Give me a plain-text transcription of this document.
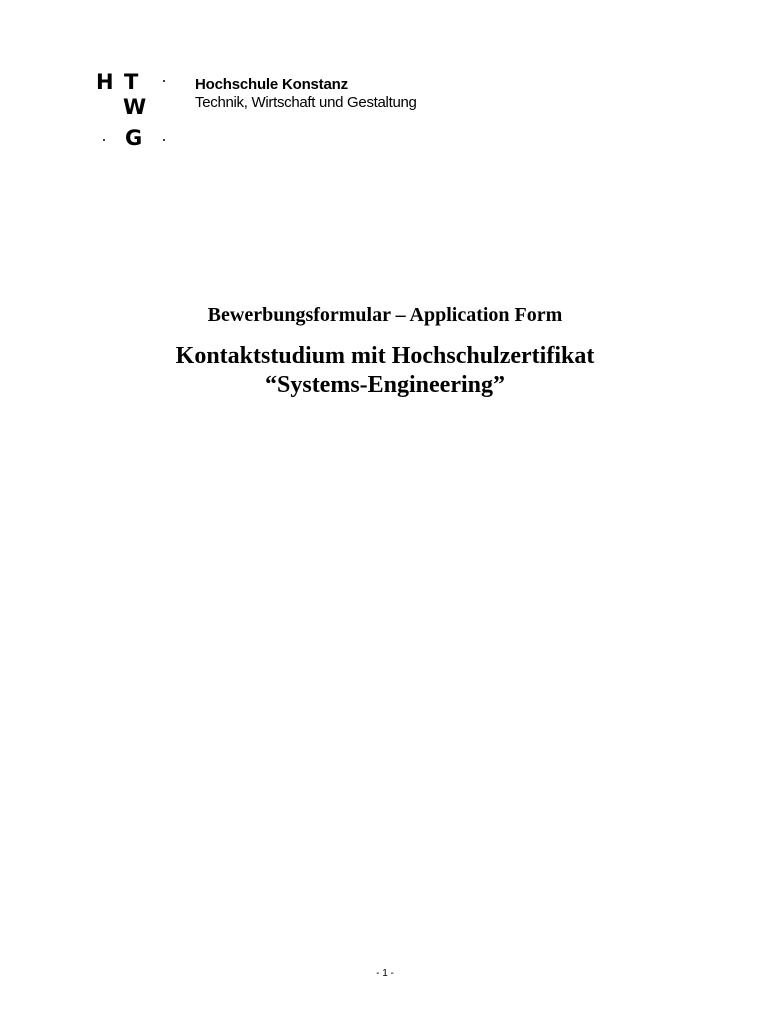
H T
W
G
Hochschule Konstanz
Technik, Wirtschaft und Gestaltung
Bewerbungsformular – Application Form
Kontaktstudium mit Hochschulzertifikat
“Systems-Engineering”
- 1 -
